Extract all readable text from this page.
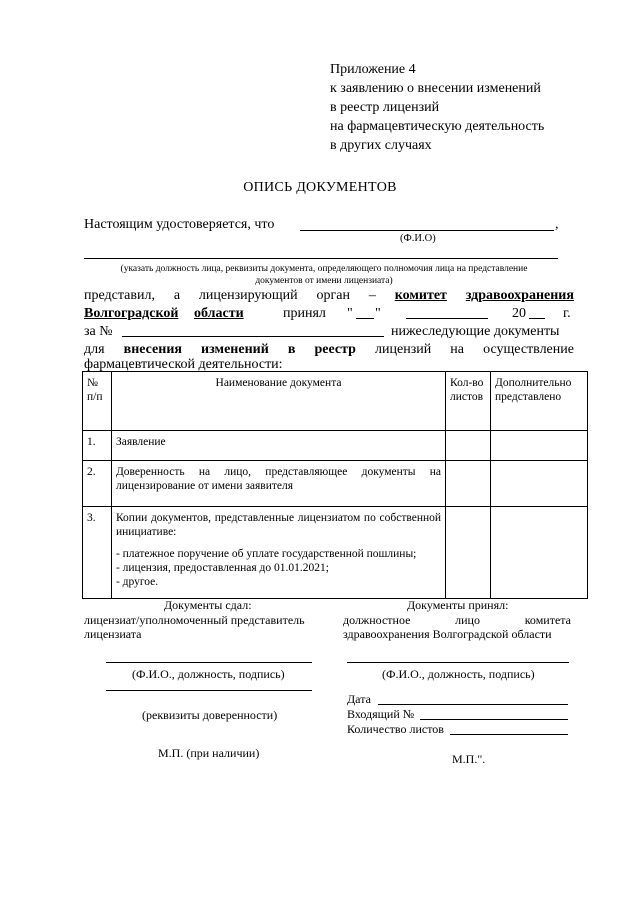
Приложение 4
к заявлению о внесении изменений
в реестр лицензий
на фармацевтическую деятельность
в других случаях
ОПИСЬ ДОКУМЕНТОВ
Настоящим удостоверяется, что	,
(Ф.И.О)
(указать должность лица, реквизиты документа, определяющего полномочия лица на представление
документов от имени лицензиата)
представил, а лицензирующий орган – комитет здравоохранения
Волгоградской области	принял " "	20	г.
за №	нижеследующие документы
для внесения изменений в реестр лицензий на осуществление
фармацевтической деятельности:
№ п/п	Наименование документа	Кол-во листов	Дополнительно представлено
1.	Заявление		
2.	Доверенность на лицо, представляющее документы на лицензирование от имени заявителя		
3.	Копии документов, представленные лицензиатом по собственной инициативе:
- платежное поручение об уплате государственной пошлины;
- лицензия, предоставленная до 01.01.2021;
- другое.		

Документы сдал:
лицензиат/уполномоченный представитель
лицензиата
(Ф.И.О., должность, подпись)
(реквизиты доверенности)
М.П. (при наличии)
Документы принял:
должностное	лицо	комитета
здравоохранения Волгоградской области
(Ф.И.О., должность, подпись)
Дата
Входящий №
Количество листов
М.П.".
